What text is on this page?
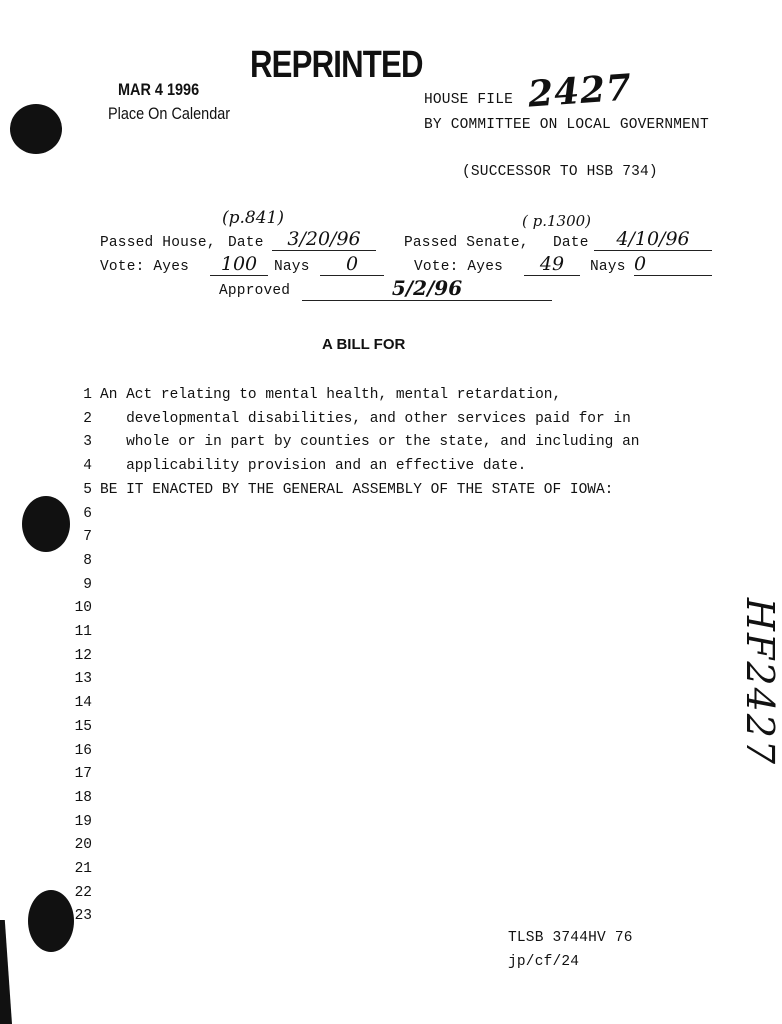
REPRINTED
MAR 4 1996
Place On Calendar
HOUSE FILE 2427
BY COMMITTEE ON LOCAL GOVERNMENT
(SUCCESSOR TO HSB 734)
(p.841)
Passed House, Date	3/20/96
( p.1300)
Passed Senate, Date	4/10/96
Vote: Ayes	100	Nays	0	Vote: Ayes	49	Nays 0
Approved	5/2/96
A BILL FOR
1 An Act relating to mental health, mental retardation,
2 developmental disabilities, and other services paid for in
3 whole or in part by counties or the state, and including an
4 applicability provision and an effective date.
5 BE IT ENACTED BY THE GENERAL ASSEMBLY OF THE STATE OF IOWA:
6
7
8
9
10
11
12
13
14
15
16
17
18
19
20
21
22
23
HF2427
TLSB 3744HV 76
jp/cf/24
